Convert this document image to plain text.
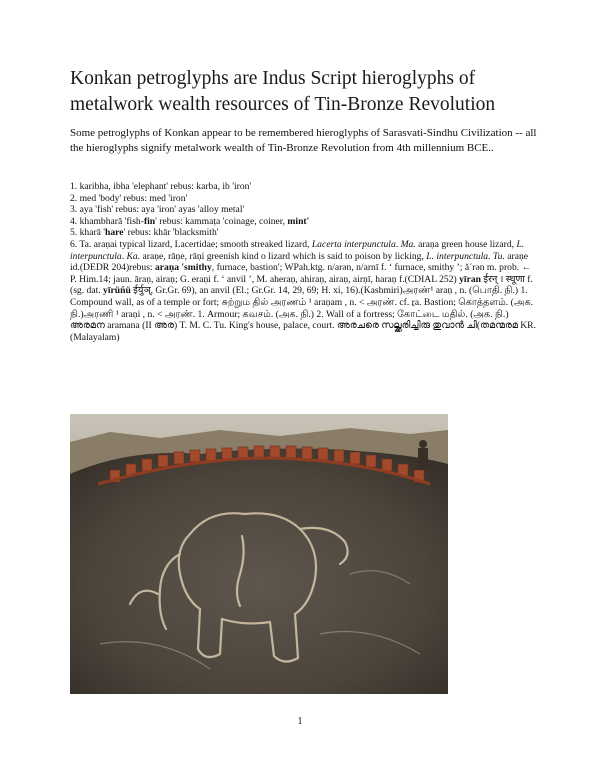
Konkan petroglyphs are Indus Script hieroglyphs of metalwork wealth resources of Tin-Bronze Revolution

Some petroglyphs of Konkan appear to be remembered hieroglyphs of Sarasvati-Sindhu Civilization -- all the hieroglyphs signify metalwork wealth of Tin-Bronze Revolution from 4th millennium BCE..

1. karibha, ibha 'elephant' rebus: karba, ib 'iron'
2. med 'body' rebus: med 'iron'
3. aya 'fish' rebus: aya 'iron' ayas 'alloy metal'
4. khambharā 'fish-fin' rebus: kammaṭa 'coinage, coiner, mint'
5. kharā 'hare' rebus: khār 'blacksmith'
6. Ta. araṇai typical lizard, Lacertidae; smooth streaked lizard, Lacerta interpunctula. Ma. araṇa green house lizard, L. interpunctula. Ka. araṇe, rāṇe, rāṇi greenish kind o lizard which is said to poison by licking, L. interpunctula. Tu. araṇe id.(DEDR 204)rebus: araṇa 'smithy, furnace, bastion'; WPah.ktg. n/arən, n/arnī f. ‘ furnace, smithy ’; ă´rən m. prob. ← P. Him.14; jaun. āraṇ, airaṇ; G. eraṇi f. ‘ anvil ’, M. aheraṇ, ahiraṇ, airaṇ, airṇī, haraṇ f.(CDIAL 252) yīran ईरन् । स्थूणा f. (sg. dat. yīrüñü ईर्युञ्, Gr.Gr. 69), an anvil (El.; Gr.Gr. 14, 29, 69; H. xi, 16).(Kashmiri)அரண்¹ araṇ , n. (பொதி. நி.) 1. Compound wall, as of a temple or fort; சுற்றும தில் அரணம் ¹ araṇam , n. < அரண். cf. ṟa. Bastion; கொத்தளம். (அக. நி.)அரணி ¹ araṇi , n. < அரண். 1. Armour; கவசம். (அக. நி.) 2. Wall of a fortress; கோட்டை மதில். (அக. நி.) അരമന aramana (II അര) T. M. C. Tu. King's house, palace, court. അരചരെ സല്ക്കരിച്ചിരു തുവാൻ ചി(തമന്മരമ KR.(Malayalam)
1
